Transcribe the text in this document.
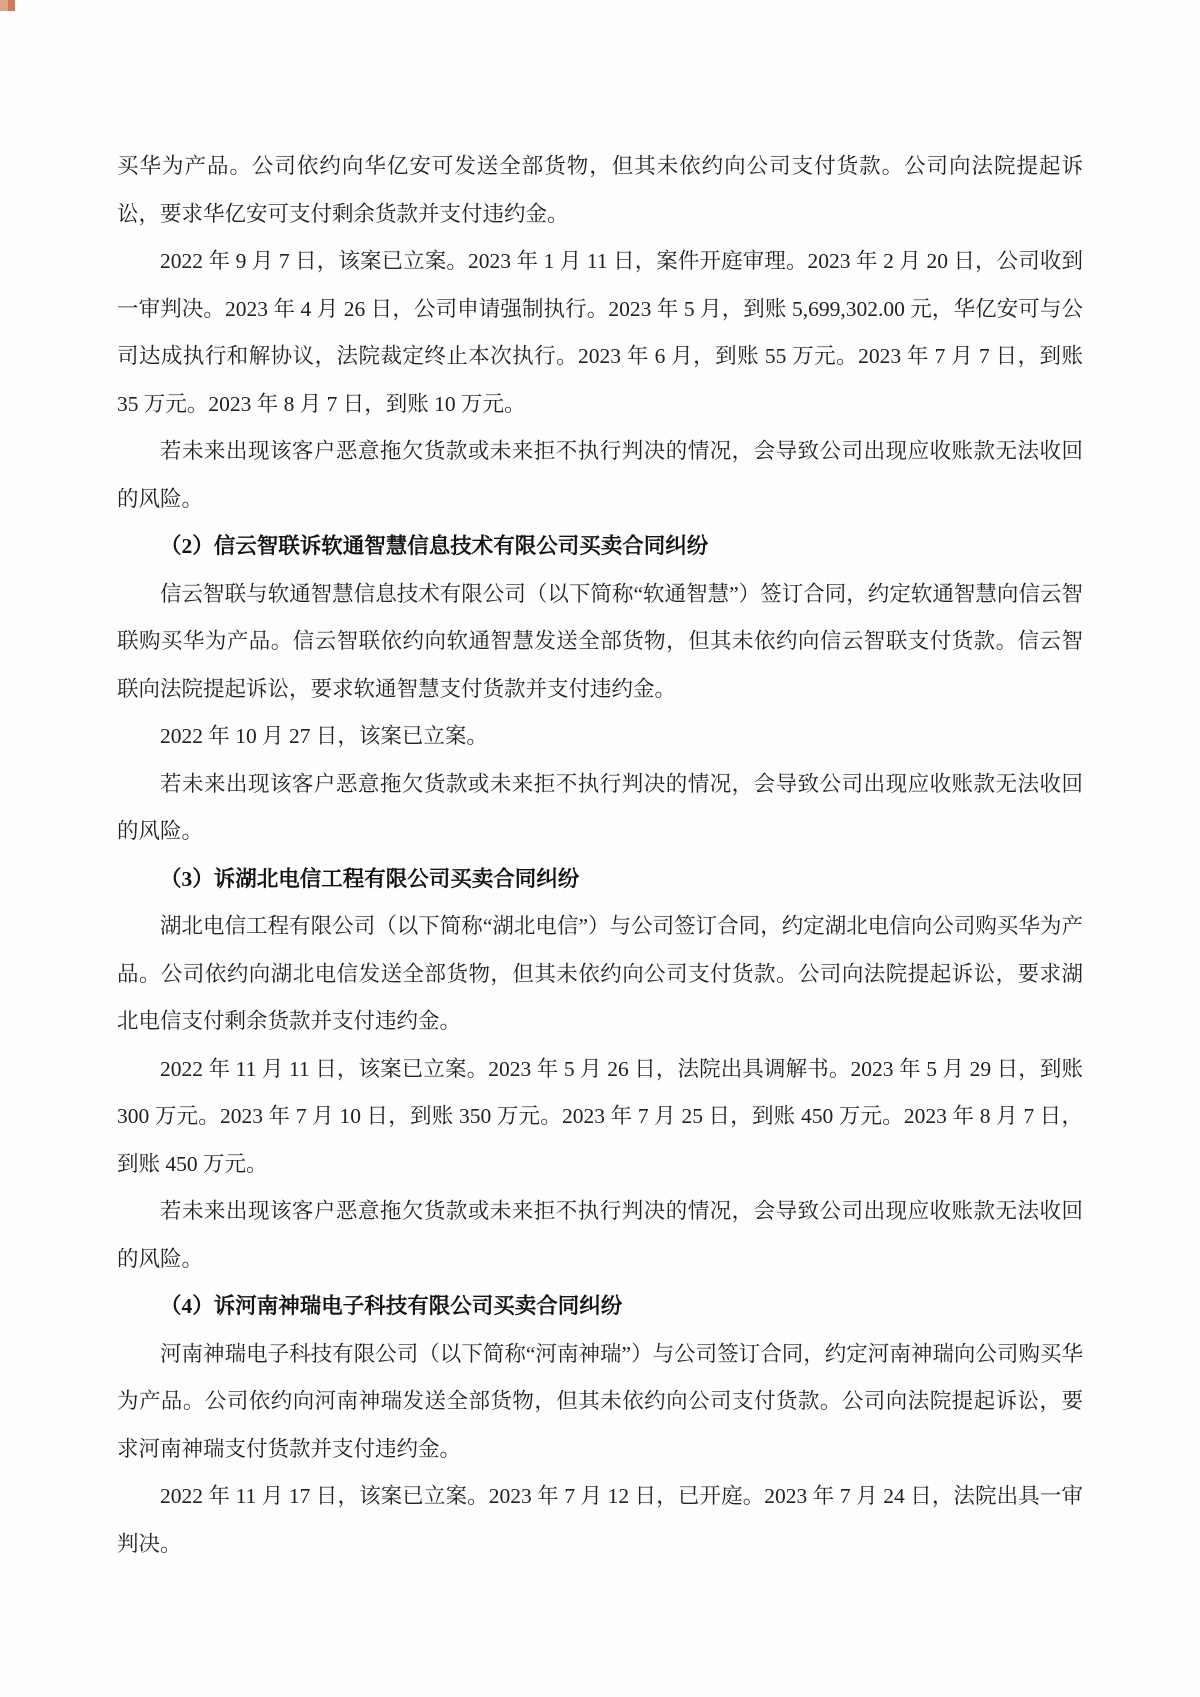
买华为产品。公司依约向华亿安可发送全部货物，但其未依约向公司支付货款。公司向法院提起诉讼，要求华亿安可支付剩余货款并支付违约金。

2022 年 9 月 7 日，该案已立案。2023 年 1 月 11 日，案件开庭审理。2023 年 2 月 20 日，公司收到一审判决。2023 年 4 月 26 日，公司申请强制执行。2023 年 5 月，到账 5,699,302.00 元，华亿安可与公司达成执行和解协议，法院裁定终止本次执行。2023 年 6 月，到账 55 万元。2023 年 7 月 7 日，到账 35 万元。2023 年 8 月 7 日，到账 10 万元。

若未来出现该客户恶意拖欠货款或未来拒不执行判决的情况，会导致公司出现应收账款无法收回的风险。

（2）信云智联诉软通智慧信息技术有限公司买卖合同纠纷

信云智联与软通智慧信息技术有限公司（以下简称“软通智慧”）签订合同，约定软通智慧向信云智联购买华为产品。信云智联依约向软通智慧发送全部货物，但其未依约向信云智联支付货款。信云智联向法院提起诉讼，要求软通智慧支付货款并支付违约金。

2022 年 10 月 27 日，该案已立案。

若未来出现该客户恶意拖欠货款或未来拒不执行判决的情况，会导致公司出现应收账款无法收回的风险。

（3）诉湖北电信工程有限公司买卖合同纠纷

湖北电信工程有限公司（以下简称“湖北电信”）与公司签订合同，约定湖北电信向公司购买华为产品。公司依约向湖北电信发送全部货物，但其未依约向公司支付货款。公司向法院提起诉讼，要求湖北电信支付剩余货款并支付违约金。

2022 年 11 月 11 日，该案已立案。2023 年 5 月 26 日，法院出具调解书。2023 年 5 月 29 日，到账 300 万元。2023 年 7 月 10 日，到账 350 万元。2023 年 7 月 25 日，到账 450 万元。2023 年 8 月 7 日，到账 450 万元。

若未来出现该客户恶意拖欠货款或未来拒不执行判决的情况，会导致公司出现应收账款无法收回的风险。

（4）诉河南神瑞电子科技有限公司买卖合同纠纷

河南神瑞电子科技有限公司（以下简称“河南神瑞”）与公司签订合同，约定河南神瑞向公司购买华为产品。公司依约向河南神瑞发送全部货物，但其未依约向公司支付货款。公司向法院提起诉讼，要求河南神瑞支付货款并支付违约金。

2022 年 11 月 17 日，该案已立案。2023 年 7 月 12 日，已开庭。2023 年 7 月 24 日，法院出具一审判决。
